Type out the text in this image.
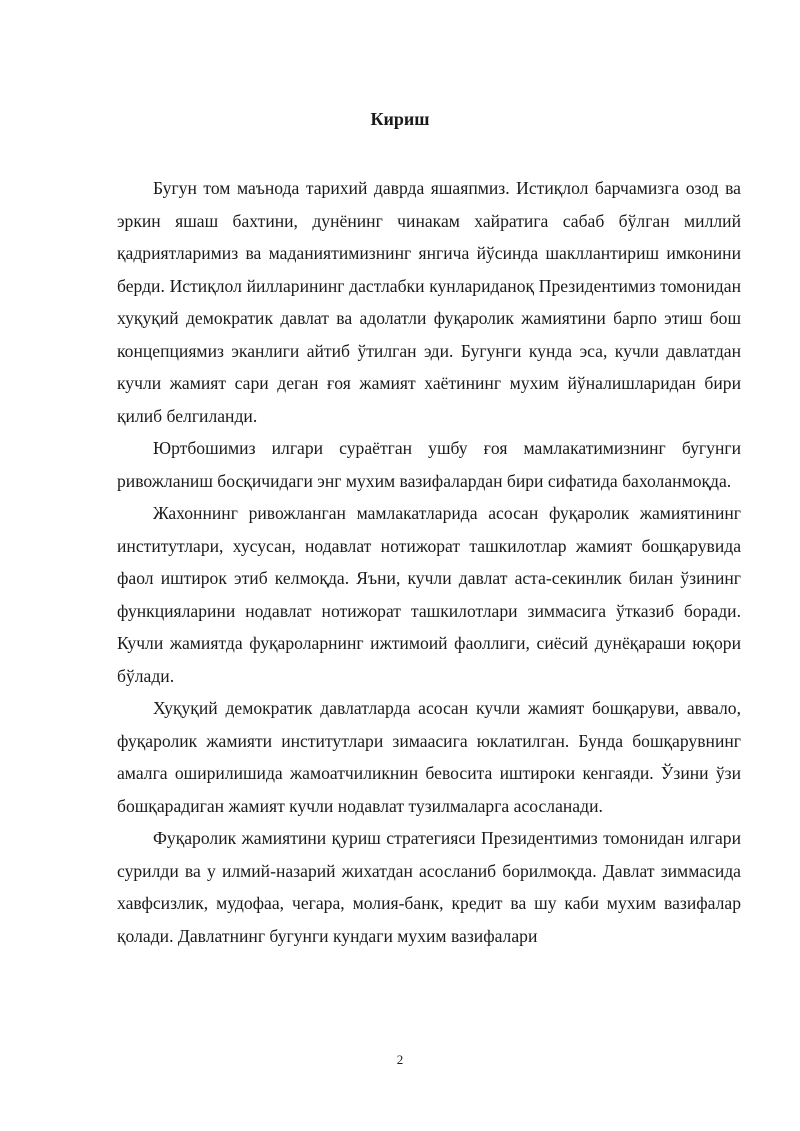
Кириш

Бугун том маънода тарихий даврда яшаяпмиз. Истиқлол барчамизга озод ва эркин яшаш бахтини, дунёнинг чинакам хайратига сабаб бўлган миллий қадриятларимиз ва маданиятимизнинг янгича йўсинда шакллантириш имконини берди. Истиқлол йилларининг дастлабки кунлариданоқ Президентимиз томонидан хуқуқий демократик давлат ва адолатли фуқаролик жамиятини барпо этиш бош концепциямиз эканлиги айтиб ўтилган эди. Бугунги кунда эса, кучли давлатдан кучли жамият сари деган ғоя жамият хаётининг мухим йўналишларидан бири қилиб белгиланди.

Юртбошимиз илгари сураётган ушбу ғоя мамлакатимизнинг бугунги ривожланиш босқичидаги энг мухим вазифалардан бири сифатида бахоланмоқда.

Жахоннинг ривожланган мамлакатларида асосан фуқаролик жамиятининг институтлари, хусусан, нодавлат нотижорат ташкилотлар жамият бошқарувида фаол иштирок этиб келмоқда. Яъни, кучли давлат аста-секинлик билан ўзининг функцияларини нодавлат нотижорат ташкилотлари зиммасига ўтказиб боради. Кучли жамиятда фуқароларнинг ижтимоий фаоллиги, сиёсий дунёқараши юқори бўлади.

Хуқуқий демократик давлатларда асосан кучли жамият бошқаруви, аввало, фуқаролик жамияти институтлари зимаасига юклатилган. Бунда бошқарувнинг амалга оширилишида жамоатчиликнин бевосита иштироки кенгаяди. Ўзини ўзи бошқарадиган жамият кучли нодавлат тузилмаларга асосланади.

Фуқаролик жамиятини қуриш стратегияси Президентимиз томонидан илгари сурилди ва у илмий-назарий жихатдан асосланиб борилмоқда. Давлат зиммасида хавфсизлик, мудофаа, чегара, молия-банк, кредит ва шу каби мухим вазифалар қолади. Давлатнинг бугунги кундаги мухим вазифалари

2
